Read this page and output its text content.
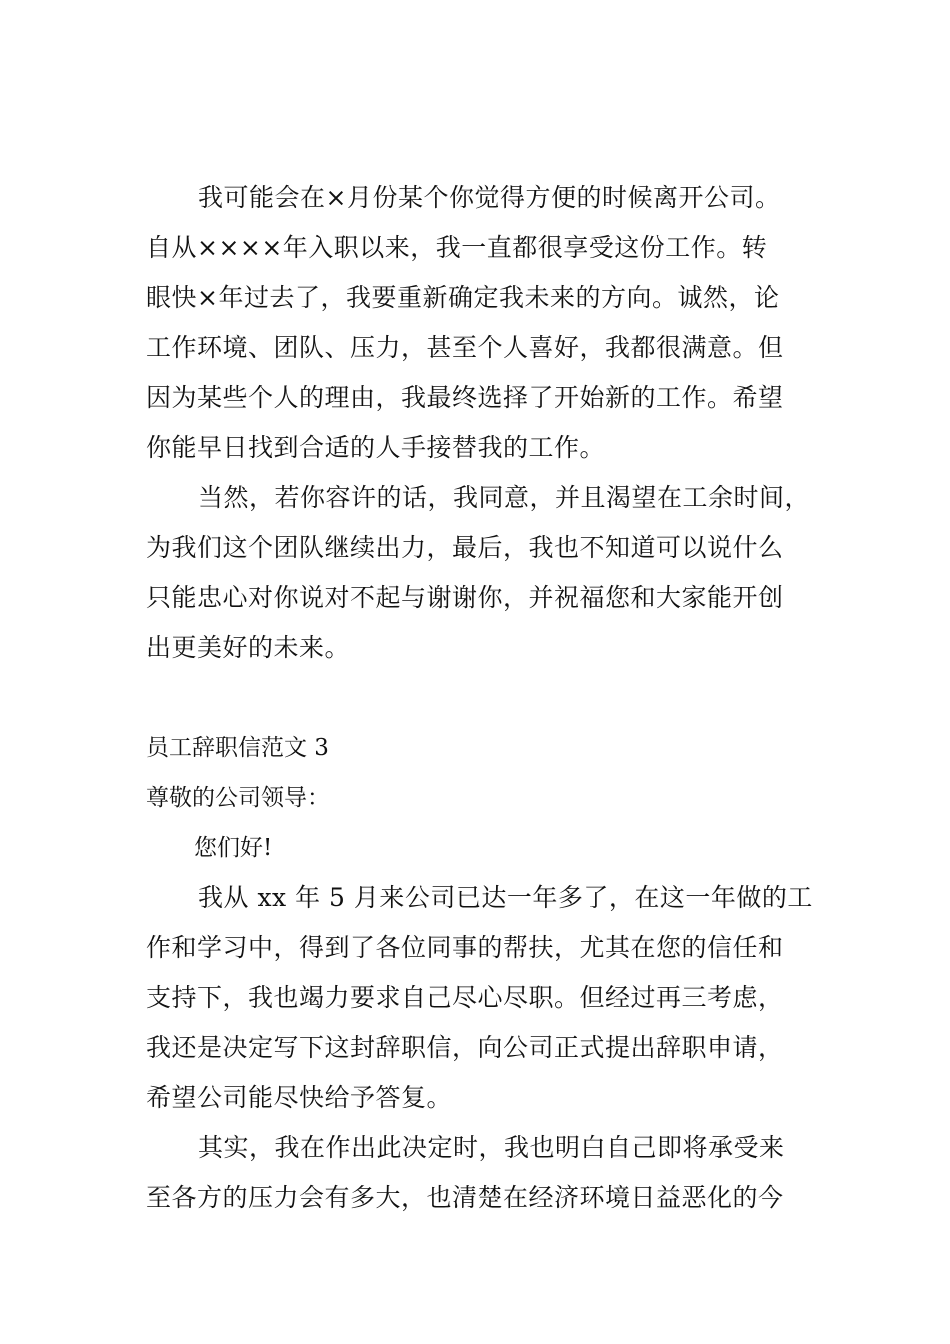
我可能会在×月份某个你觉得方便的时候离开公司。
自从××××年入职以来，我一直都很享受这份工作。转
眼快×年过去了，我要重新确定我未来的方向。诚然，论
工作环境、团队、压力，甚至个人喜好，我都很满意。但
因为某些个人的理由，我最终选择了开始新的工作。希望
你能早日找到合适的人手接替我的工作。
当然，若你容许的话，我同意，并且渴望在工余时间，
为我们这个团队继续出力，最后，我也不知道可以说什么
只能忠心对你说对不起与谢谢你，并祝福您和大家能开创
出更美好的未来。
员工辞职信范文 3
尊敬的公司领导：
您们好!
我从 xx 年 5 月来公司已达一年多了，在这一年做的工
作和学习中，得到了各位同事的帮扶，尤其在您的信任和
支持下，我也竭力要求自己尽心尽职。但经过再三考虑，
我还是决定写下这封辞职信，向公司正式提出辞职申请，
希望公司能尽快给予答复。
其实，我在作出此决定时，我也明白自己即将承受来
至各方的压力会有多大，也清楚在经济环境日益恶化的今
